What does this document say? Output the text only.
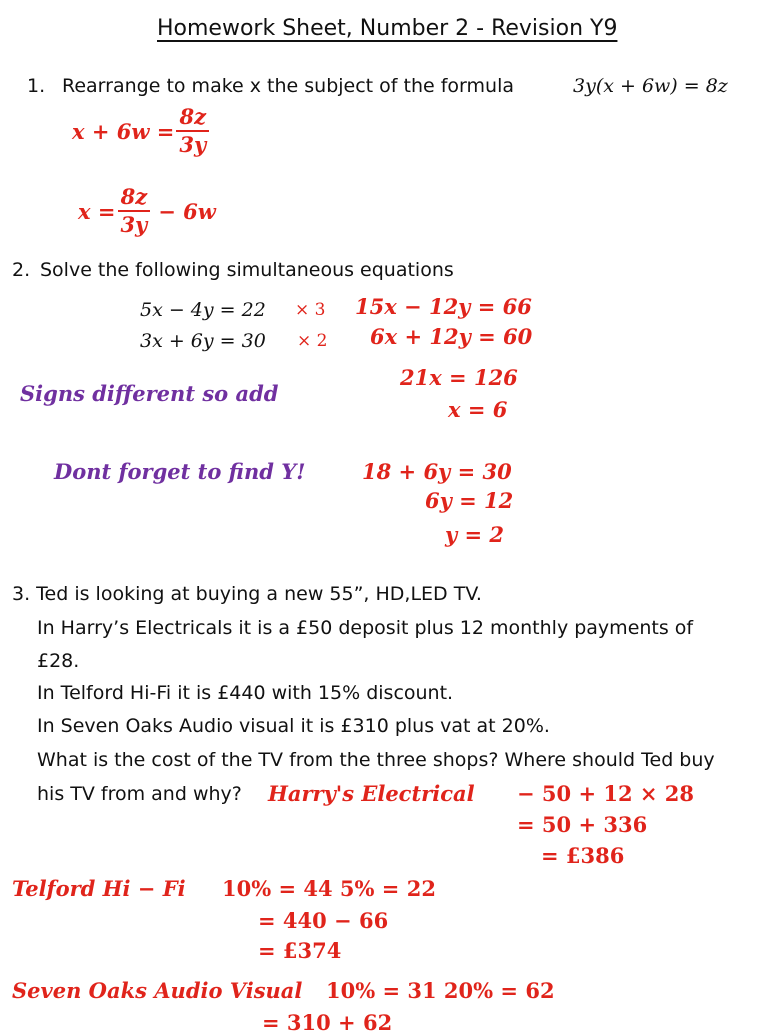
Homework Sheet, Number 2 - Revision Y9
1. Rearrange to make x the subject of the formula	3y(x + 6w) = 8z
$x + 6w = \frac{8z}{3y}$
$x = \frac{8z}{3y} - 6w$
2. Solve the following simultaneous equations
5x − 4y = 22 × 3
3x + 6y = 30 × 2
15x − 12y = 66
6x + 12y = 60
Signs different so add
21x = 126
x = 6
Dont forget to find Y!	18 + 6y = 30
6y = 12
y = 2
3. Ted is looking at buying a new 55”, HD,LED TV.
In Harry’s Electricals it is a £50 deposit plus 12 monthly payments of
£28.
In Telford Hi-Fi it is £440 with 15% discount.
In Seven Oaks Audio visual it is £310 plus vat at 20%.
What is the cost of the TV from the three shops? Where should Ted buy
his TV from and why? Harry's Electrical − 50 + 12 × 28
= 50 + 336
= £386
Telford Hi − Fi 10% = 44 5% = 22
= 440 − 66
= £374
Seven Oaks Audio Visual 10% = 31 20% = 62
= 310 + 62
